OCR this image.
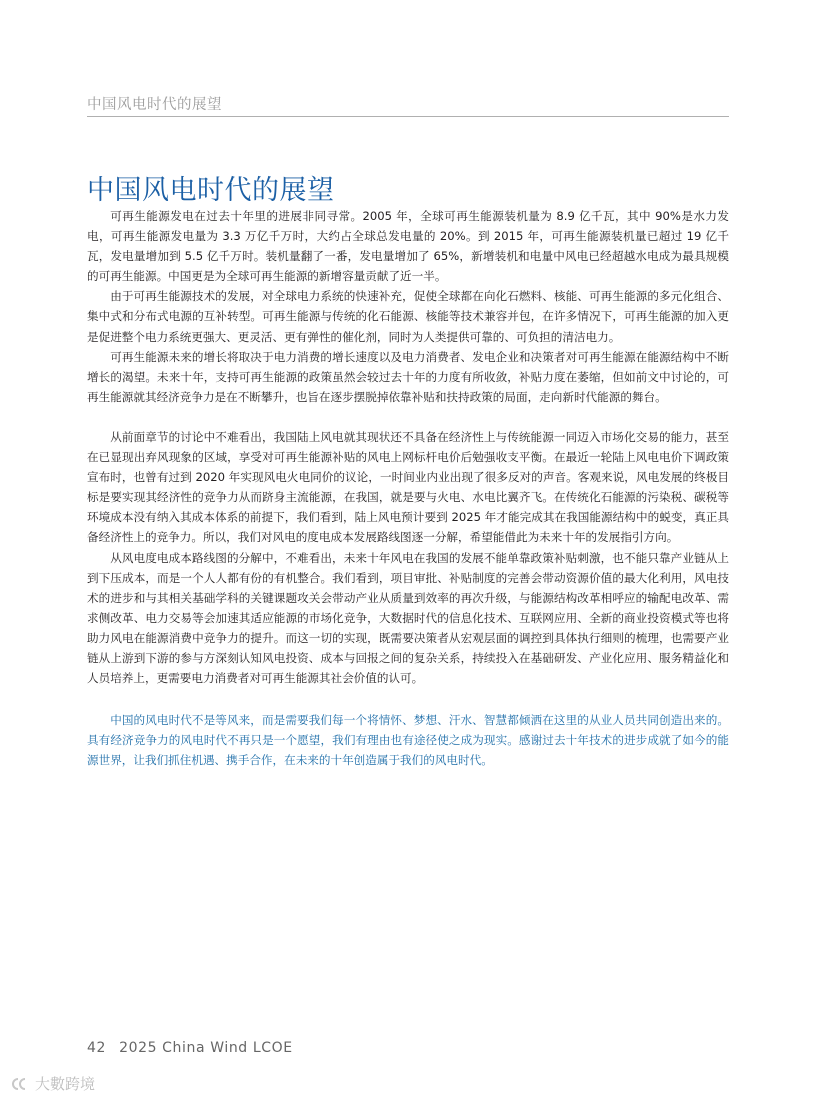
中国风电时代的展望
中国风电时代的展望

可再生能源发电在过去十年里的进展非同寻常。2005 年，全球可再生能源装机量为 8.9 亿千瓦，其中 90%是水力发电，可再生能源发电量为 3.3 万亿千万时，大约占全球总发电量的 20%。到 2015 年，可再生能源装机量已超过 19 亿千瓦，发电量增加到 5.5 亿千万时。装机量翻了一番，发电量增加了 65%，新增装机和电量中风电已经超越水电成为最具规模的可再生能源。中国更是为全球可再生能源的新增容量贡献了近一半。

由于可再生能源技术的发展，对全球电力系统的快速补充，促使全球都在向化石燃料、核能、可再生能源的多元化组合、集中式和分布式电源的互补转型。可再生能源与传统的化石能源、核能等技术兼容并包，在许多情况下，可再生能源的加入更是促进整个电力系统更强大、更灵活、更有弹性的催化剂，同时为人类提供可靠的、可负担的清洁电力。

可再生能源未来的增长将取决于电力消费的增长速度以及电力消费者、发电企业和决策者对可再生能源在能源结构中不断增长的渴望。未来十年，支持可再生能源的政策虽然会较过去十年的力度有所收敛，补贴力度在萎缩，但如前文中讨论的，可再生能源就其经济竞争力是在不断攀升，也旨在逐步摆脱掉依靠补贴和扶持政策的局面，走向新时代能源的舞台。

从前面章节的讨论中不难看出，我国陆上风电就其现状还不具备在经济性上与传统能源一同迈入市场化交易的能力，甚至在已显现出弃风现象的区域，享受对可再生能源补贴的风电上网标杆电价后勉强收支平衡。在最近一轮陆上风电电价下调政策宣布时，也曾有过到 2020 年实现风电火电同价的议论，一时间业内业出现了很多反对的声音。客观来说，风电发展的终极目标是要实现其经济性的竞争力从而跻身主流能源，在我国，就是要与火电、水电比翼齐飞。在传统化石能源的污染税、碳税等环境成本没有纳入其成本体系的前提下，我们看到，陆上风电预计要到 2025 年才能完成其在我国能源结构中的蜕变，真正具备经济性上的竞争力。所以，我们对风电的度电成本发展路线图逐一分解，希望能借此为未来十年的发展指引方向。

从风电度电成本路线图的分解中，不难看出，未来十年风电在我国的发展不能单靠政策补贴刺激，也不能只靠产业链从上到下压成本，而是一个人人都有份的有机整合。我们看到，项目审批、补贴制度的完善会带动资源价值的最大化利用，风电技术的进步和与其相关基础学科的关键课题攻关会带动产业从质量到效率的再次升级，与能源结构改革相呼应的输配电改革、需求侧改革、电力交易等会加速其适应能源的市场化竞争，大数据时代的信息化技术、互联网应用、全新的商业投资模式等也将助力风电在能源消费中竞争力的提升。而这一切的实现，既需要决策者从宏观层面的调控到具体执行细则的梳理，也需要产业链从上游到下游的参与方深刻认知风电投资、成本与回报之间的复杂关系，持续投入在基础研发、产业化应用、服务精益化和人员培养上，更需要电力消费者对可再生能源其社会价值的认可。

中国的风电时代不是等风来，而是需要我们每一个将情怀、梦想、汗水、智慧都倾洒在这里的从业人员共同创造出来的。具有经济竞争力的风电时代不再只是一个愿望，我们有理由也有途径使之成为现实。感谢过去十年技术的进步成就了如今的能源世界，让我们抓住机遇、携手合作，在未来的十年创造属于我们的风电时代。

42 2025 China Wind LCOE
大數跨境
